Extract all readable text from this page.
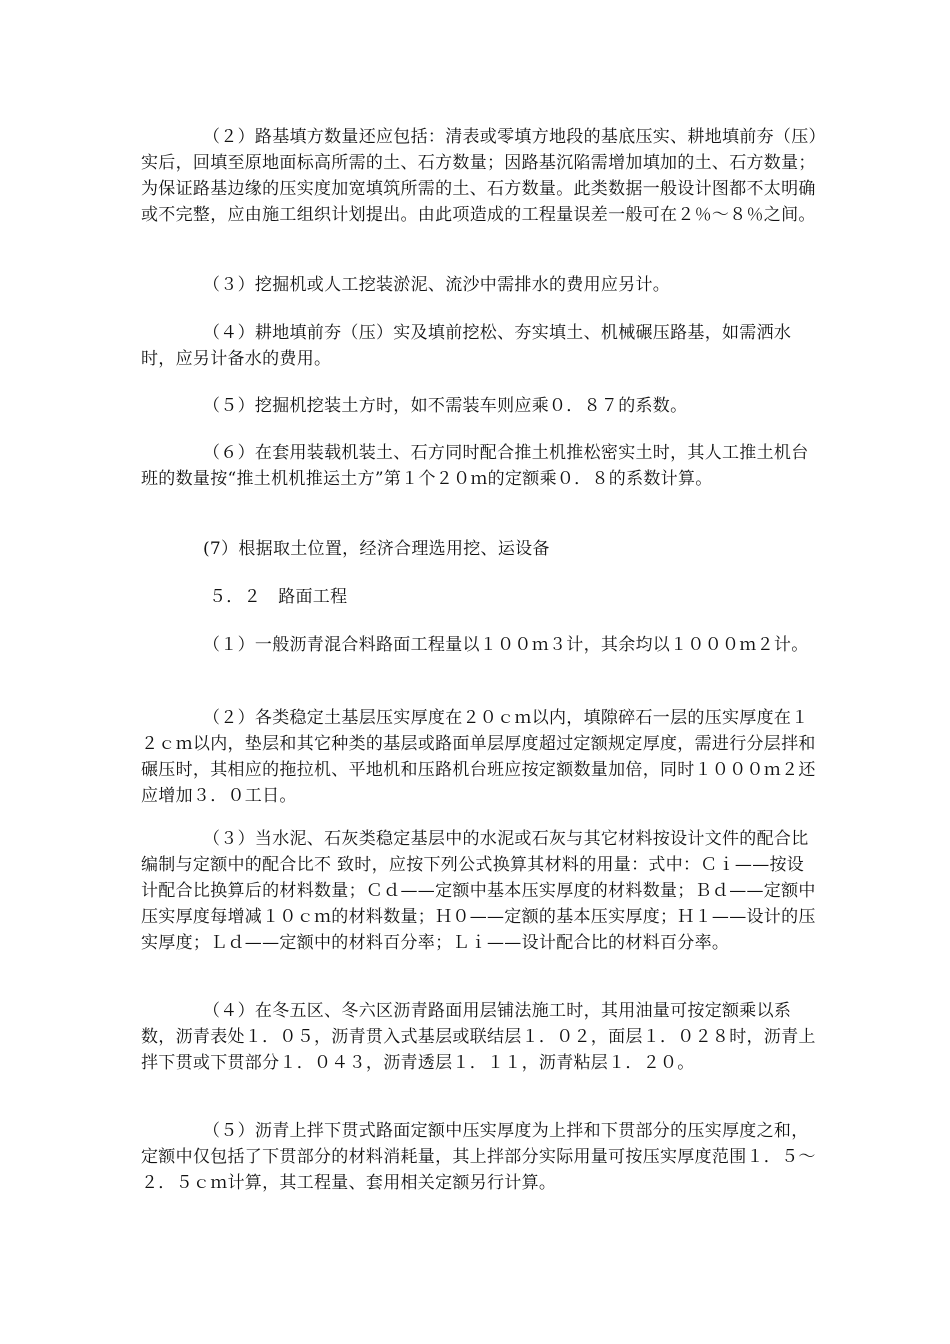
（２）路基填方数量还应包括：清表或零填方地段的基底压实、耕地填前夯（压）实后，回填至原地面标高所需的土、石方数量；因路基沉陷需增加填加的土、石方数量；为保证路基边缘的压实度加宽填筑所需的土、石方数量。此类数据一般设计图都不太明确或不完整，应由施工组织计划提出。由此项造成的工程量误差一般可在２％～８％之间。

（３）挖掘机或人工挖装淤泥、流沙中需排水的费用应另计。

（４）耕地填前夯（压）实及填前挖松、夯实填土、机械碾压路基，如需洒水时，应另计备水的费用。

（５）挖掘机挖装土方时，如不需装车则应乘０．８７的系数。

（６）在套用装载机装土、石方同时配合推土机推松密实土时，其人工推土机台班的数量按“推土机机推运土方”第１个２０ｍ的定额乘０．８的系数计算。

(7）根据取土位置，经济合理选用挖、运设备

５．２　路面工程

（１）一般沥青混合料路面工程量以１００ｍ３计，其余均以１０００ｍ２计。

（２）各类稳定土基层压实厚度在２０ｃｍ以内，填隙碎石一层的压实厚度在１２ｃｍ以内，垫层和其它种类的基层或路面单层厚度超过定额规定厚度，需进行分层拌和碾压时，其相应的拖拉机、平地机和压路机台班应按定额数量加倍，同时１０００ｍ２还应增加３．０工日。

（３）当水泥、石灰类稳定基层中的水泥或石灰与其它材料按设计文件的配合比编制与定额中的配合比不 致时，应按下列公式换算其材料的用量：式中：Ｃｉ——按设计配合比换算后的材料数量；Ｃｄ——定额中基本压实厚度的材料数量；Ｂｄ——定额中压实厚度每增减１０ｃｍ的材料数量；Ｈ０——定额的基本压实厚度；Ｈ１——设计的压实厚度；Ｌｄ——定额中的材料百分率；Ｌｉ——设计配合比的材料百分率。

（４）在冬五区、冬六区沥青路面用层铺法施工时，其用油量可按定额乘以系数，沥青表处１．０５，沥青贯入式基层或联结层１．０２，面层１．０２８时，沥青上拌下贯或下贯部分１．０４３，沥青透层１．１１，沥青粘层１．２０。

（５）沥青上拌下贯式路面定额中压实厚度为上拌和下贯部分的压实厚度之和，定额中仅包括了下贯部分的材料消耗量，其上拌部分实际用量可按压实厚度范围１．５～２．５ｃｍ计算，其工程量、套用相关定额另行计算。
